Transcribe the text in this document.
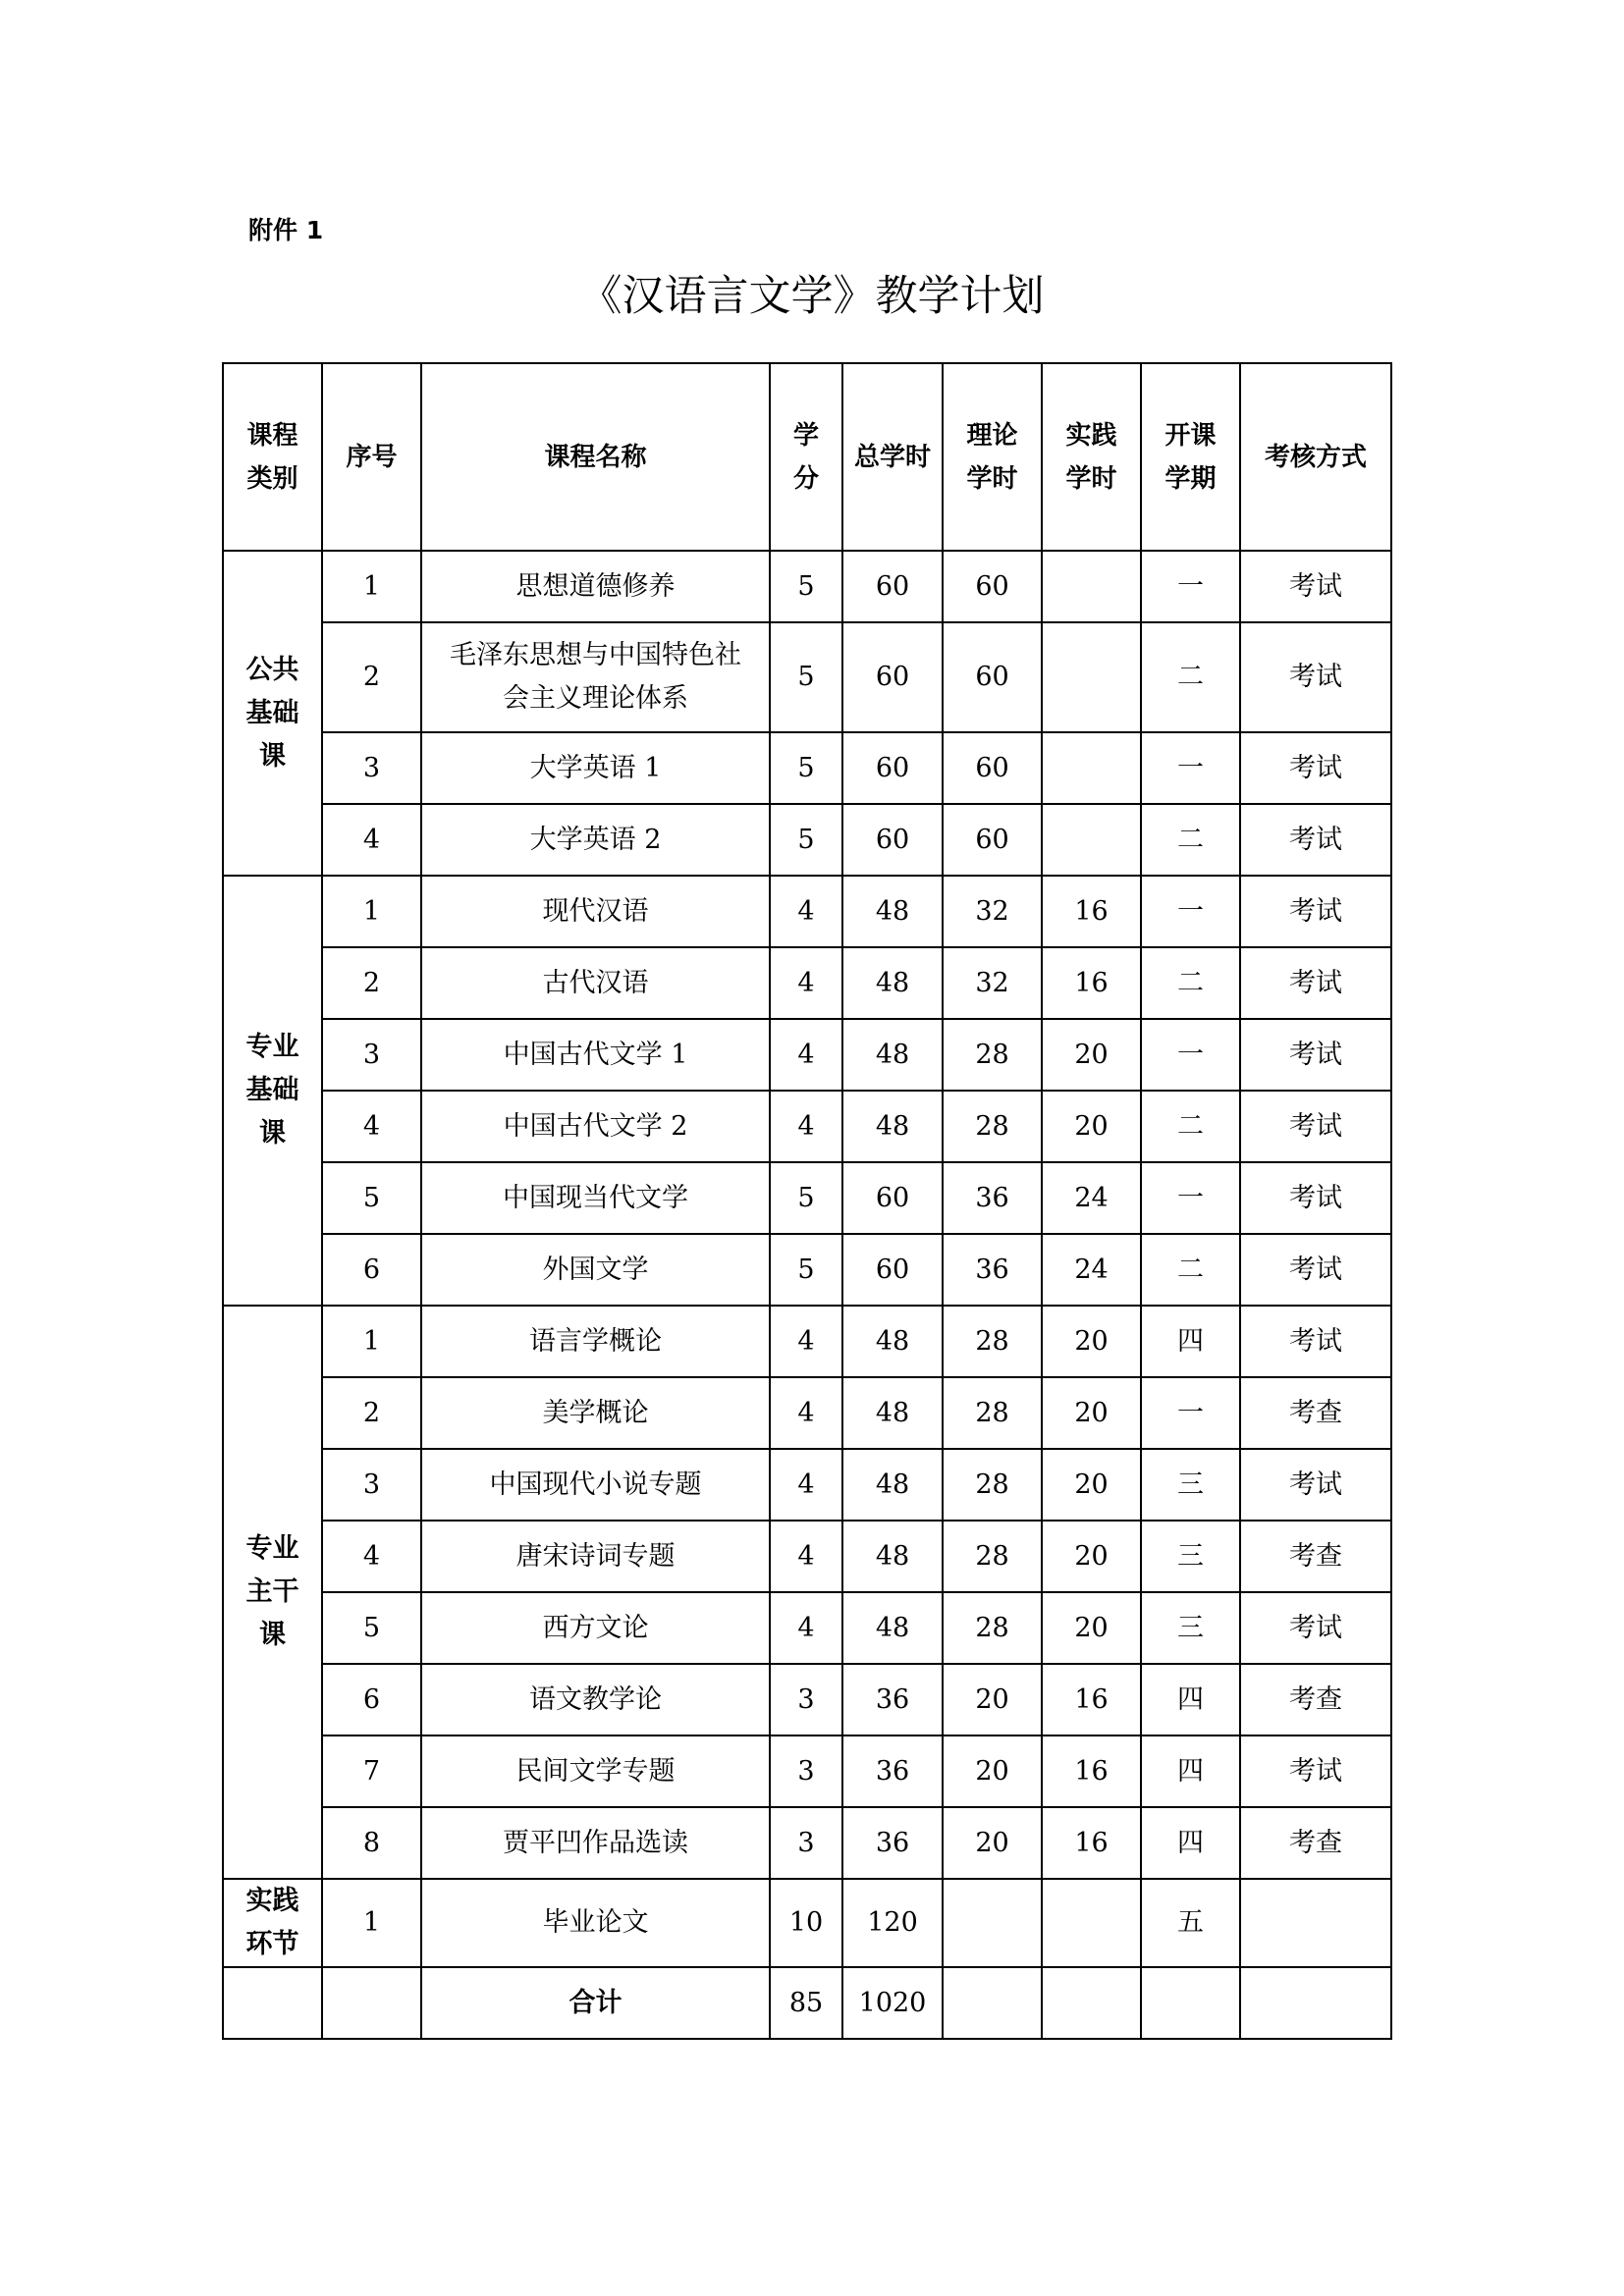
附件 1
《汉语言文学》教学计划
课程类别	序号	课程名称	学分	总学时	理论学时	实践学时	开课学期	考核方式
公共基础课	1	思想道德修养	5	60	60		一	考试
	2	毛泽东思想与中国特色社会主义理论体系	5	60	60		二	考试
	3	大学英语 1	5	60	60		一	考试
	4	大学英语 2	5	60	60		二	考试
专业基础课	1	现代汉语	4	48	32	16	一	考试
	2	古代汉语	4	48	32	16	二	考试
	3	中国古代文学 1	4	48	28	20	一	考试
	4	中国古代文学 2	4	48	28	20	二	考试
	5	中国现当代文学	5	60	36	24	一	考试
	6	外国文学	5	60	36	24	二	考试
专业主干课	1	语言学概论	4	48	28	20	四	考试
	2	美学概论	4	48	28	20	一	考查
	3	中国现代小说专题	4	48	28	20	三	考试
	4	唐宋诗词专题	4	48	28	20	三	考查
	5	西方文论	4	48	28	20	三	考试
	6	语文教学论	3	36	20	16	四	考查
	7	民间文学专题	3	36	20	16	四	考试
	8	贾平凹作品选读	3	36	20	16	四	考查
实践环节	1	毕业论文	10	120			五	
		合计	85	1020				
